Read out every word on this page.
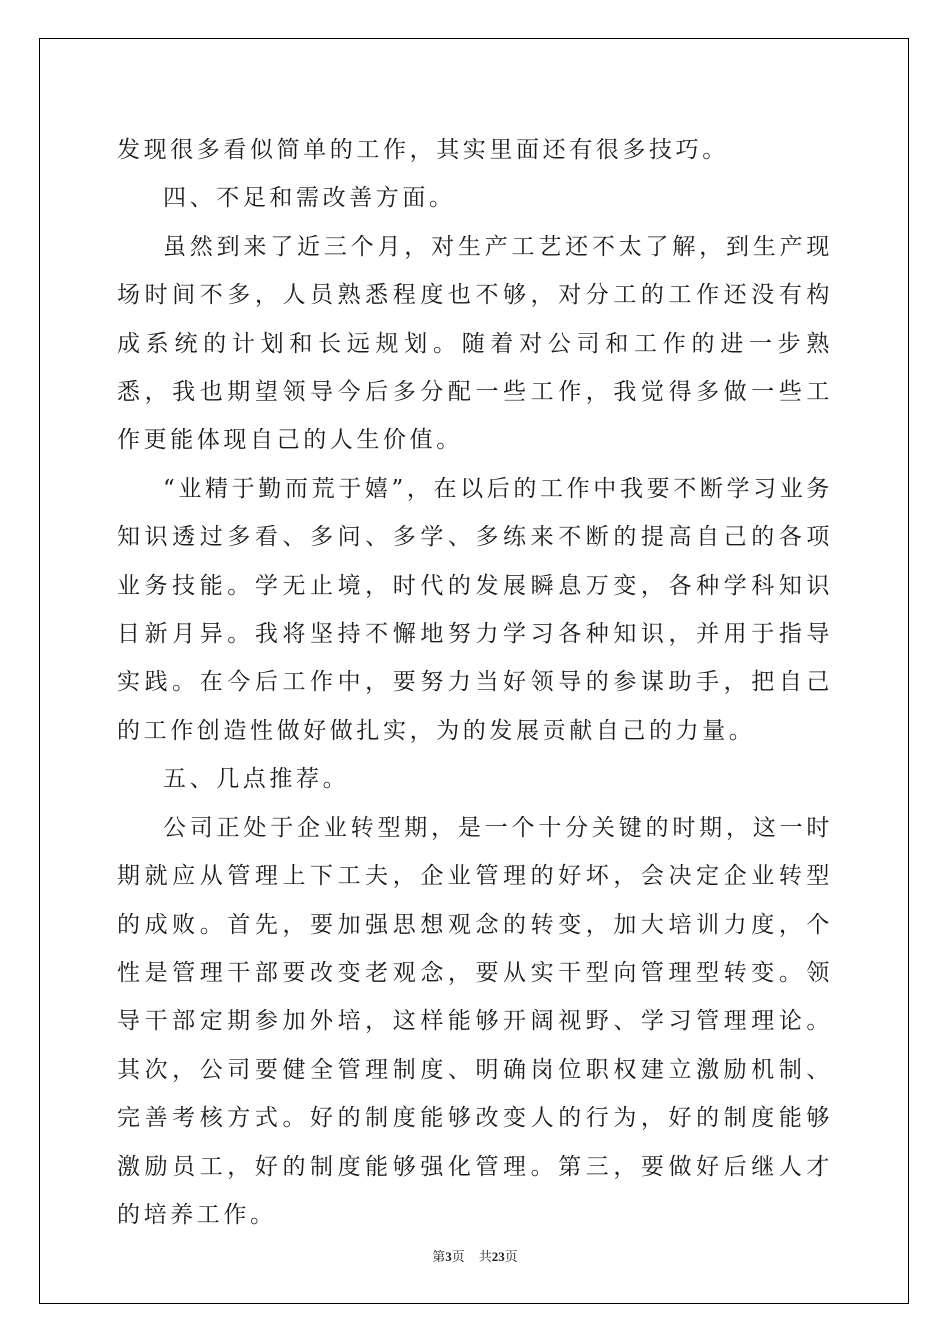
发现很多看似简单的工作，其实里面还有很多技巧。

四、不足和需改善方面。

虽然到来了近三个月，对生产工艺还不太了解，到生产现场时间不多，人员熟悉程度也不够，对分工的工作还没有构成系统的计划和长远规划。随着对公司和工作的进一步熟悉，我也期望领导今后多分配一些工作，我觉得多做一些工作更能体现自己的人生价值。

“业精于勤而荒于嬉”，在以后的工作中我要不断学习业务知识透过多看、多问、多学、多练来不断的提高自己的各项业务技能。学无止境，时代的发展瞬息万变，各种学科知识日新月异。我将坚持不懈地努力学习各种知识，并用于指导实践。在今后工作中，要努力当好领导的参谋助手，把自己的工作创造性做好做扎实，为的发展贡献自己的力量。

五、几点推荐。

公司正处于企业转型期，是一个十分关键的时期，这一时期就应从管理上下工夫，企业管理的好坏，会决定企业转型的成败。首先，要加强思想观念的转变，加大培训力度，个性是管理干部要改变老观念，要从实干型向管理型转变。领导干部定期参加外培，这样能够开阔视野、学习管理理论。其次，公司要健全管理制度、明确岗位职权建立激励机制、完善考核方式。好的制度能够改变人的行为，好的制度能够激励员工，好的制度能够强化管理。第三，要做好后继人才的培养工作。

第3页 共23页
